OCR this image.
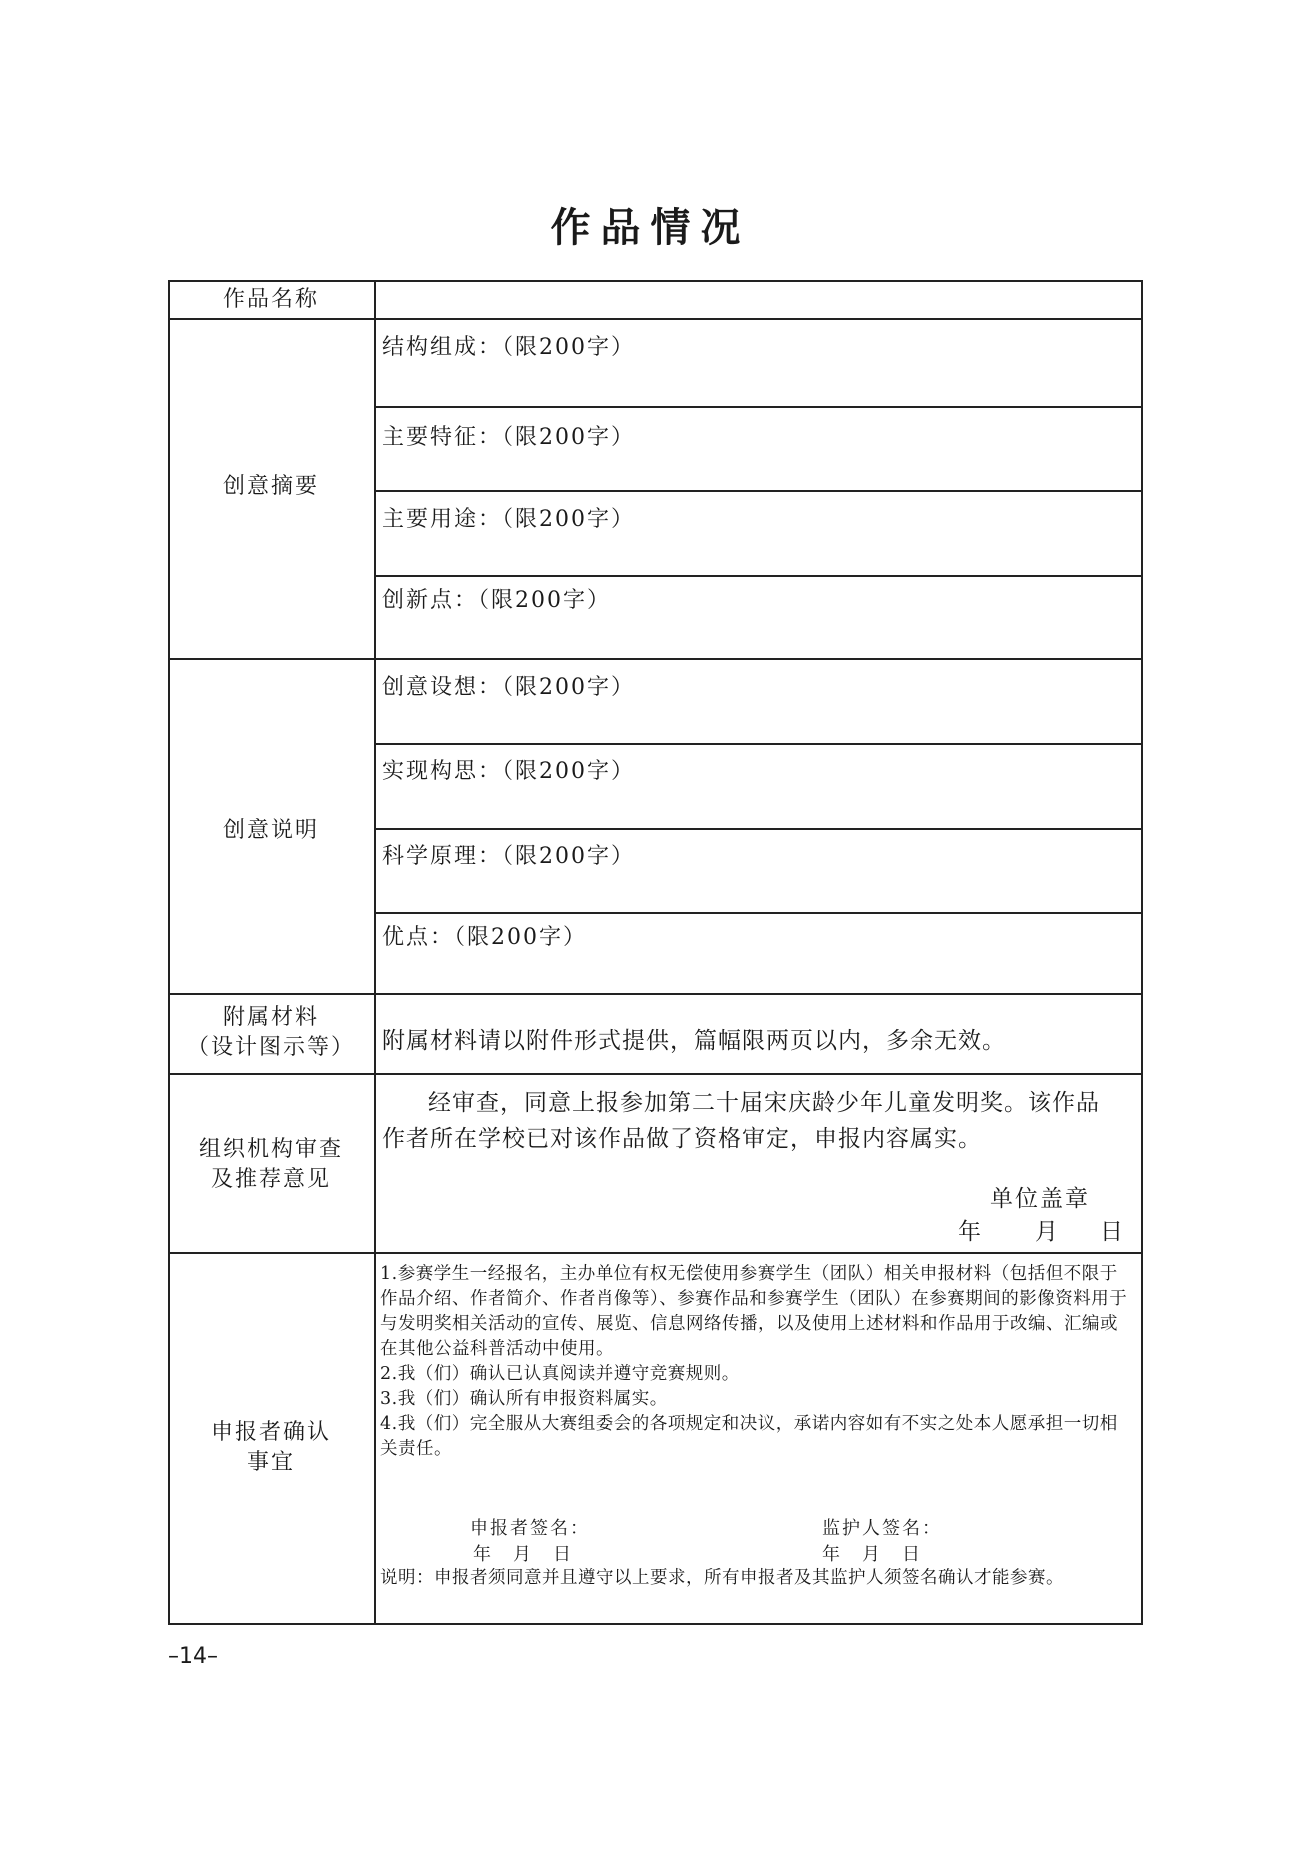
作品情况
作品名称
创意摘要
创意说明
附属材料
（设计图示等）
组织机构审查
及推荐意见
申报者确认
事宜
结构组成：（限200字）
主要特征：（限200字）
主要用途：（限200字）
创新点：（限200字）
创意设想：（限200字）
实现构思：（限200字）
科学原理：（限200字）
优点：（限200字）
附属材料请以附件形式提供，篇幅限两页以内，多余无效。
经审查，同意上报参加第二十届宋庆龄少年儿童发明奖。该作品作者所在学校已对该作品做了资格审定，申报内容属实。
单位盖章
年 月 日

1.参赛学生一经报名，主办单位有权无偿使用参赛学生（团队）相关申报材料（包括但不限于作品介绍、作者简介、作者肖像等）、参赛作品和参赛学生（团队）在参赛期间的影像资料用于与发明奖相关活动的宣传、展览、信息网络传播，以及使用上述材料和作品用于改编、汇编或在其他公益科普活动中使用。

2.我（们）确认已认真阅读并遵守竞赛规则。

3.我（们）确认所有申报资料属实。

4.我（们）完全服从大赛组委会的各项规定和决议，承诺内容如有不实之处本人愿承担一切相关责任。

申报者签名：
年　月　日
监护人签名：
年　月　日
说明：申报者须同意并且遵守以上要求，所有申报者及其监护人须签名确认才能参赛。
–14–
